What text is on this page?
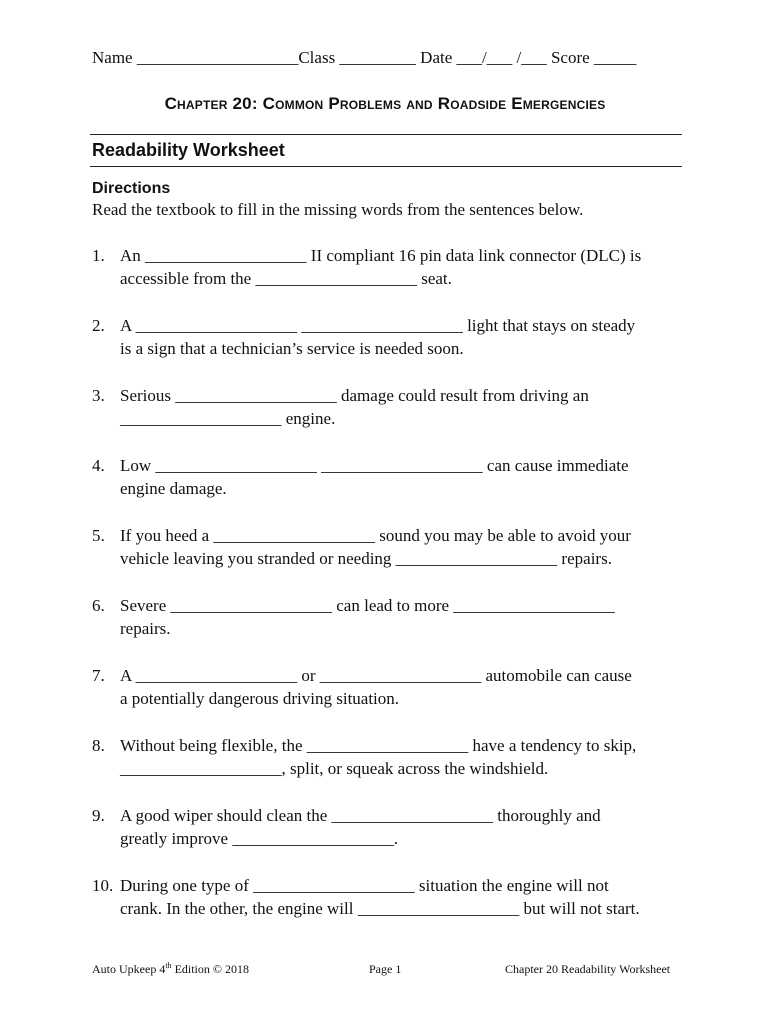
Name ___________________Class _________ Date ___/___ /___ Score _____
Chapter 20: Common Problems and Roadside Emergencies
Readability Worksheet
Directions
Read the textbook to fill in the missing words from the sentences below.
1. An ___________________ II compliant 16 pin data link connector (DLC) is
accessible from the ___________________ seat.
2. A ___________________ ___________________ light that stays on steady
is a sign that a technician’s service is needed soon.
3. Serious ___________________ damage could result from driving an
___________________ engine.
4. Low ___________________ ___________________ can cause immediate
engine damage.
5. If you heed a ___________________ sound you may be able to avoid your
vehicle leaving you stranded or needing ___________________ repairs.
6. Severe ___________________ can lead to more ___________________
repairs.
7. A ___________________ or ___________________ automobile can cause
a potentially dangerous driving situation.
8. Without being flexible, the ___________________ have a tendency to skip,
___________________, split, or squeak across the windshield.
9. A good wiper should clean the ___________________ thoroughly and
greatly improve ___________________.
10. During one type of ___________________ situation the engine will not
crank. In the other, the engine will ___________________ but will not start.
Auto Upkeep 4th Edition © 2018	Page 1	Chapter 20 Readability Worksheet
